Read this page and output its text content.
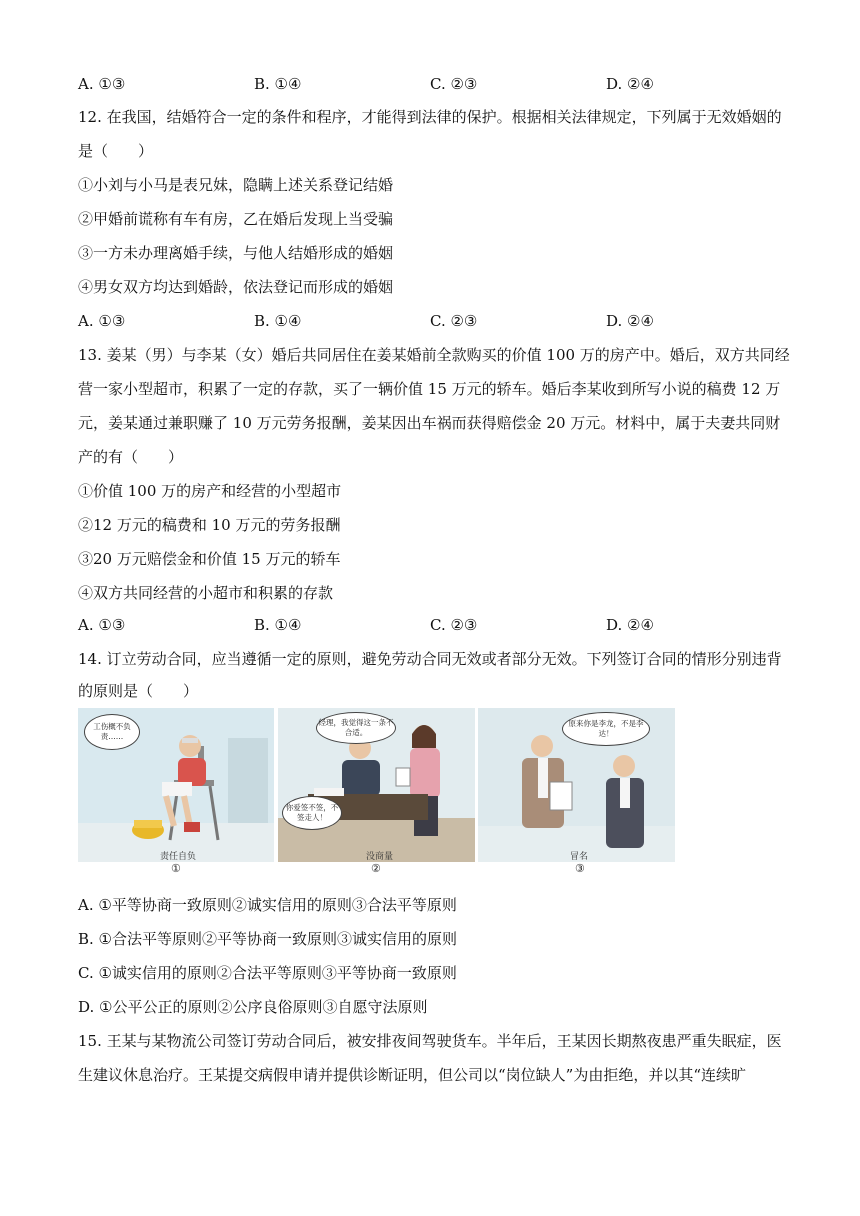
A. ①③	B. ①④	C. ②③	D. ②④
12. 在我国，结婚符合一定的条件和程序，才能得到法律的保护。根据相关法律规定，下列属于无效婚姻的
是（　　）
①小刘与小马是表兄妹，隐瞒上述关系登记结婚
②甲婚前谎称有车有房，乙在婚后发现上当受骗
③一方未办理离婚手续，与他人结婚形成的婚姻
④男女双方均达到婚龄，依法登记而形成的婚姻
A. ①③	B. ①④	C. ②③	D. ②④
13. 姜某（男）与李某（女）婚后共同居住在姜某婚前全款购买的价值 100 万的房产中。婚后，双方共同经
营一家小型超市，积累了一定的存款，买了一辆价值 15 万元的轿车。婚后李某收到所写小说的稿费 12 万
元，姜某通过兼职赚了 10 万元劳务报酬，姜某因出车祸而获得赔偿金 20 万元。材料中，属于夫妻共同财
产的有（　　）
①价值 100 万的房产和经营的小型超市
②12 万元的稿费和 10 万元的劳务报酬
③20 万元赔偿金和价值 15 万元的轿车
④双方共同经营的小超市和积累的存款
A. ①③	B. ①④	C. ②③	D. ②④
14. 订立劳动合同，应当遵循一定的原则，避免劳动合同无效或者部分无效。下列签订合同的情形分别违背
的原则是（　　）
工伤概不负责……
责任自负
①
经理，我觉得这一条不合适。
你爱签不签，不签走人！
没商量
②
原来你是李龙，不是李达！
冒名
③
A. ①平等协商一致原则②诚实信用的原则③合法平等原则
B. ①合法平等原则②平等协商一致原则③诚实信用的原则
C. ①诚实信用的原则②合法平等原则③平等协商一致原则
D. ①公平公正的原则②公序良俗原则③自愿守法原则
15. 王某与某物流公司签订劳动合同后，被安排夜间驾驶货车。半年后，王某因长期熬夜患严重失眠症，医
生建议休息治疗。王某提交病假申请并提供诊断证明，但公司以“岗位缺人”为由拒绝，并以其“连续旷
